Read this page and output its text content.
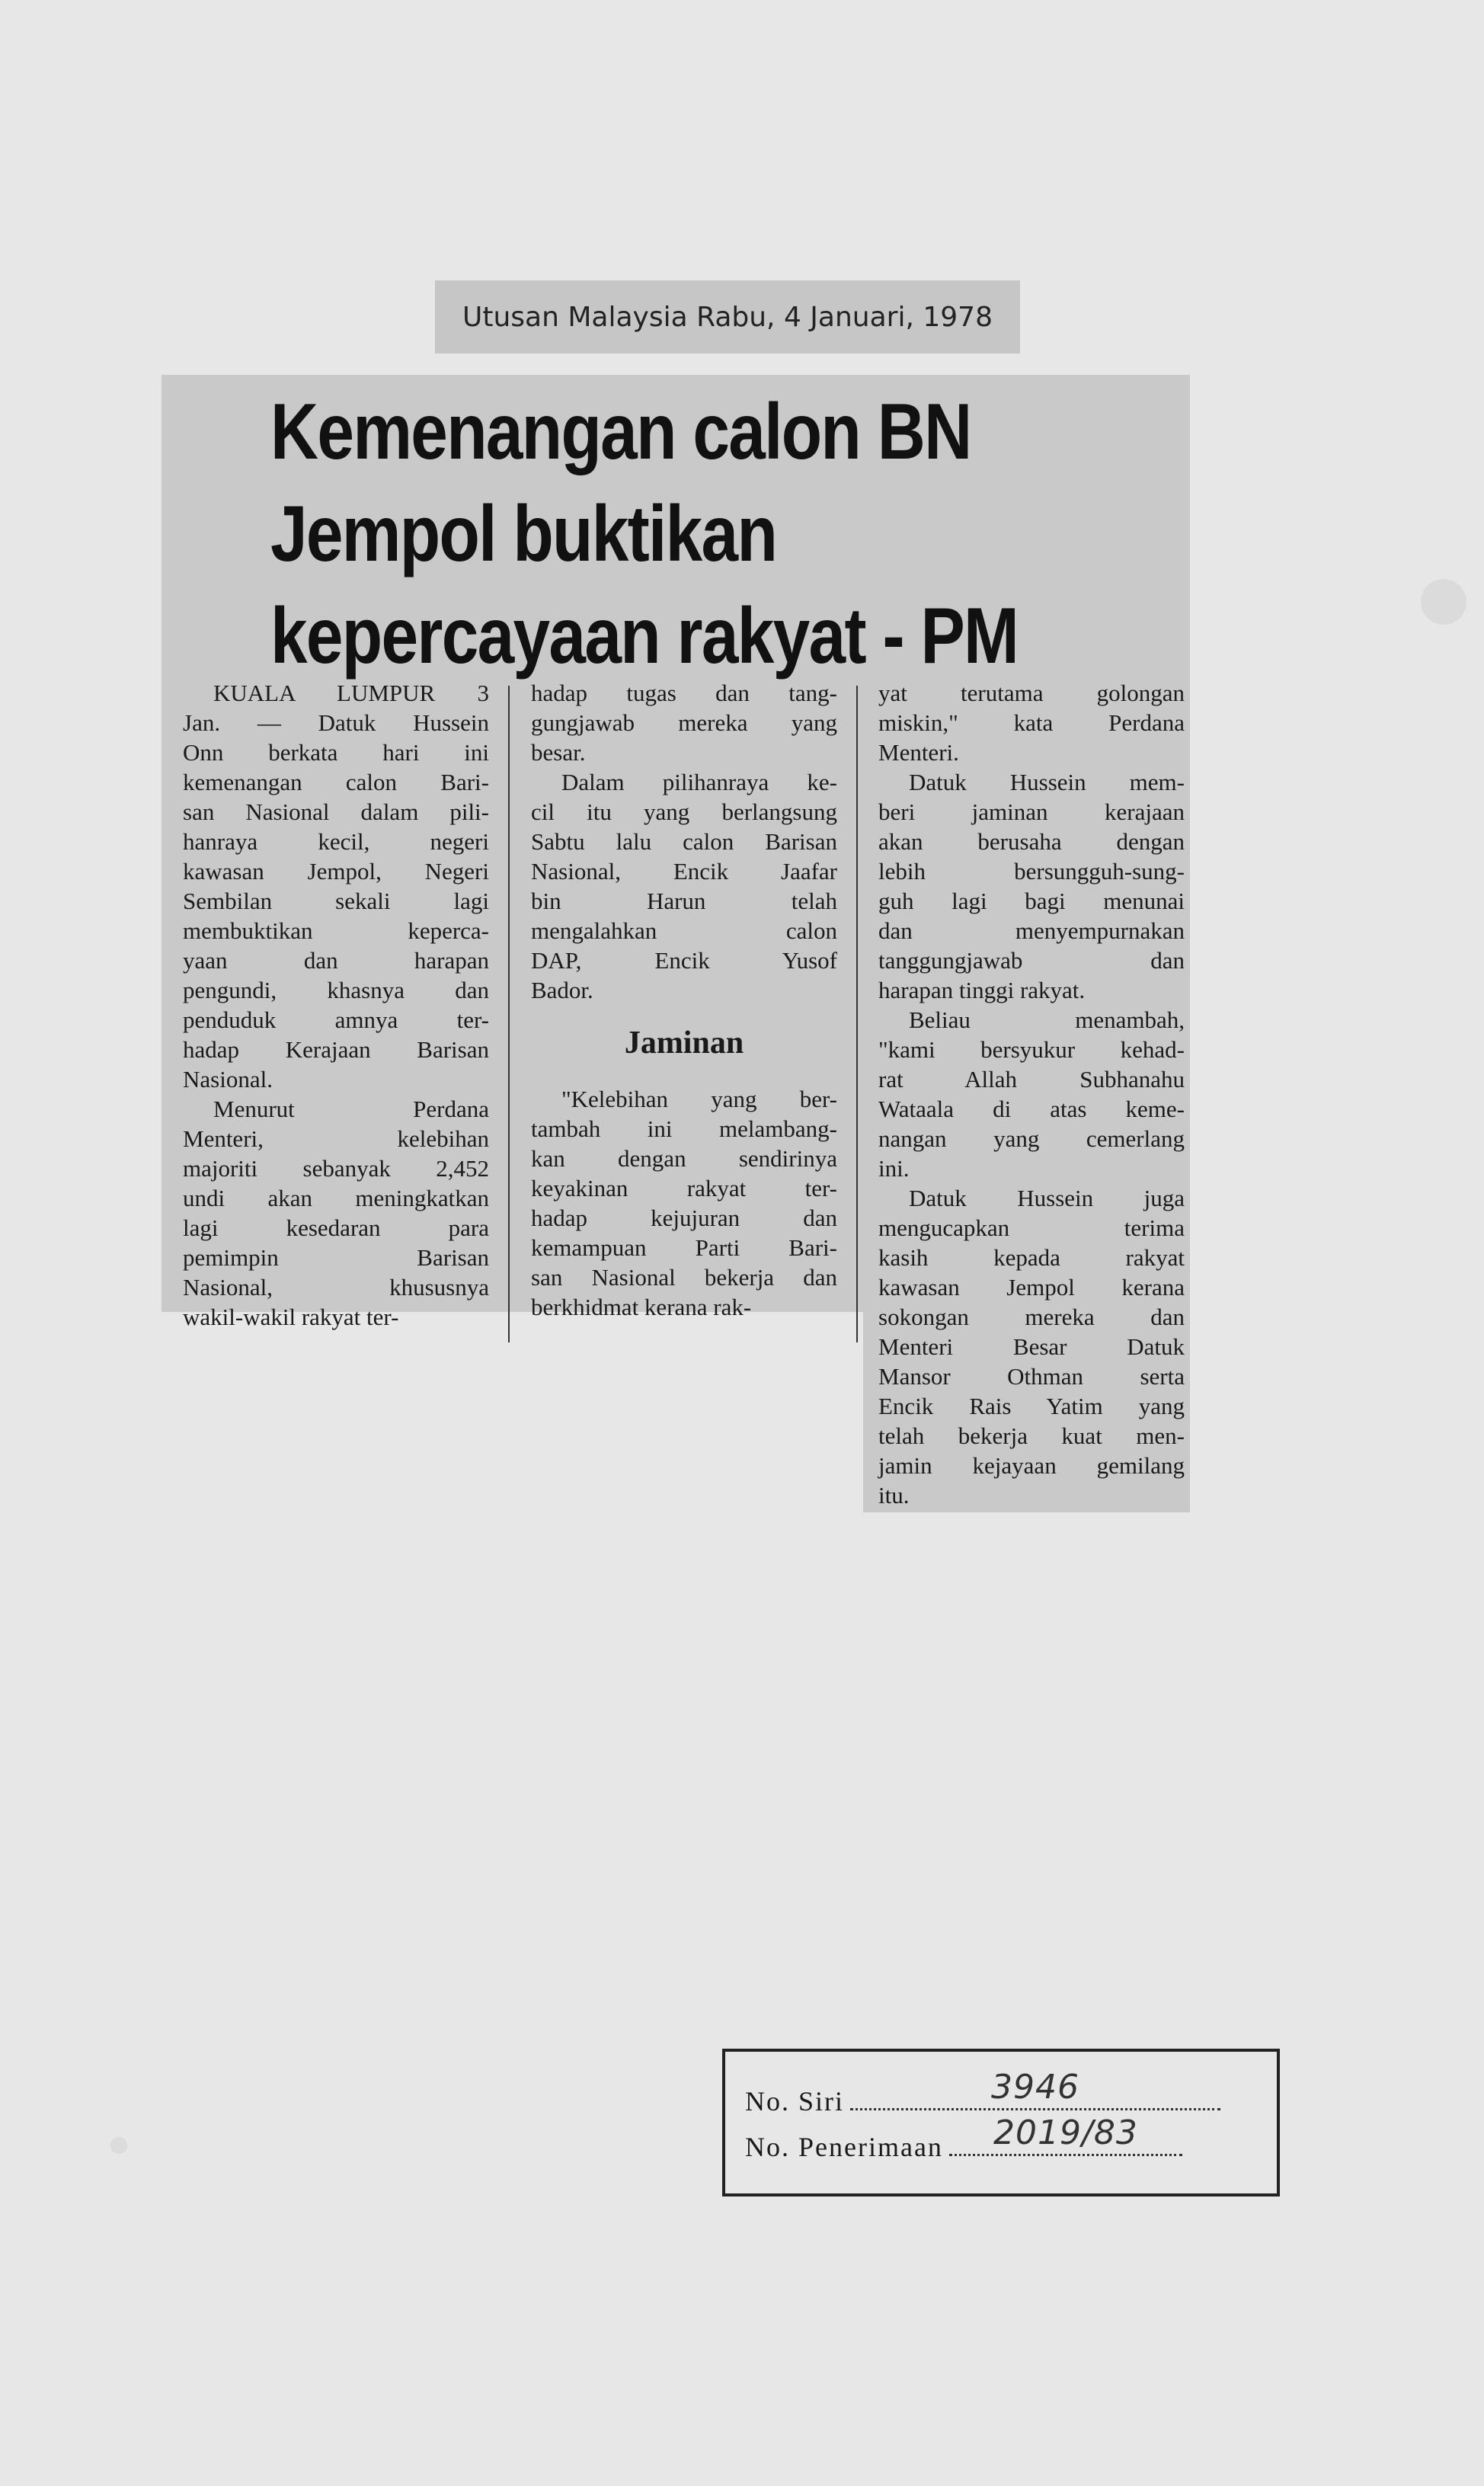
Utusan Malaysia Rabu, 4 Januari, 1978
Kemenangan calon BN
Jempol buktikan
kepercayaan rakyat - PM

KUALA LUMPUR 3

Jan. — Datuk Hussein

Onn berkata hari ini

kemenangan calon Bari-

san Nasional dalam pili-

hanraya kecil, negeri

kawasan Jempol, Negeri

Sembilan sekali lagi

membuktikan keperca-

yaan dan harapan

pengundi, khasnya dan

penduduk amnya ter-

hadap Kerajaan Barisan

Nasional.

Menurut Perdana

Menteri, kelebihan

majoriti sebanyak 2,452

undi akan meningkatkan

lagi kesedaran para

pemimpin Barisan

Nasional, khususnya

wakil-wakil rakyat ter-

hadap tugas dan tang-

gungjawab mereka yang

besar.

Dalam pilihanraya ke-

cil itu yang berlangsung

Sabtu lalu calon Barisan

Nasional, Encik Jaafar

bin Harun telah

mengalahkan calon

DAP, Encik Yusof

Bador.

Jaminan

"Kelebihan yang ber-

tambah ini melambang-

kan dengan sendirinya

keyakinan rakyat ter-

hadap kejujuran dan

kemampuan Parti Bari-

san Nasional bekerja dan

berkhidmat kerana rak-

yat terutama golongan

miskin," kata Perdana

Menteri.

Datuk Hussein mem-

beri jaminan kerajaan

akan berusaha dengan

lebih bersungguh-sung-

guh lagi bagi menunai

dan menyempurnakan

tanggungjawab dan

harapan tinggi rakyat.

Beliau menambah,

"kami bersyukur kehad-

rat Allah Subhanahu

Wataala di atas keme-

nangan yang cemerlang

ini.

Datuk Hussein juga

mengucapkan terima

kasih kepada rakyat

kawasan Jempol kerana

sokongan mereka dan

Menteri Besar Datuk

Mansor Othman serta

Encik Rais Yatim yang

telah bekerja kuat men-

jamin kejayaan gemilang

itu.

No. Siri	3946
No. Penerimaan	2019/83
